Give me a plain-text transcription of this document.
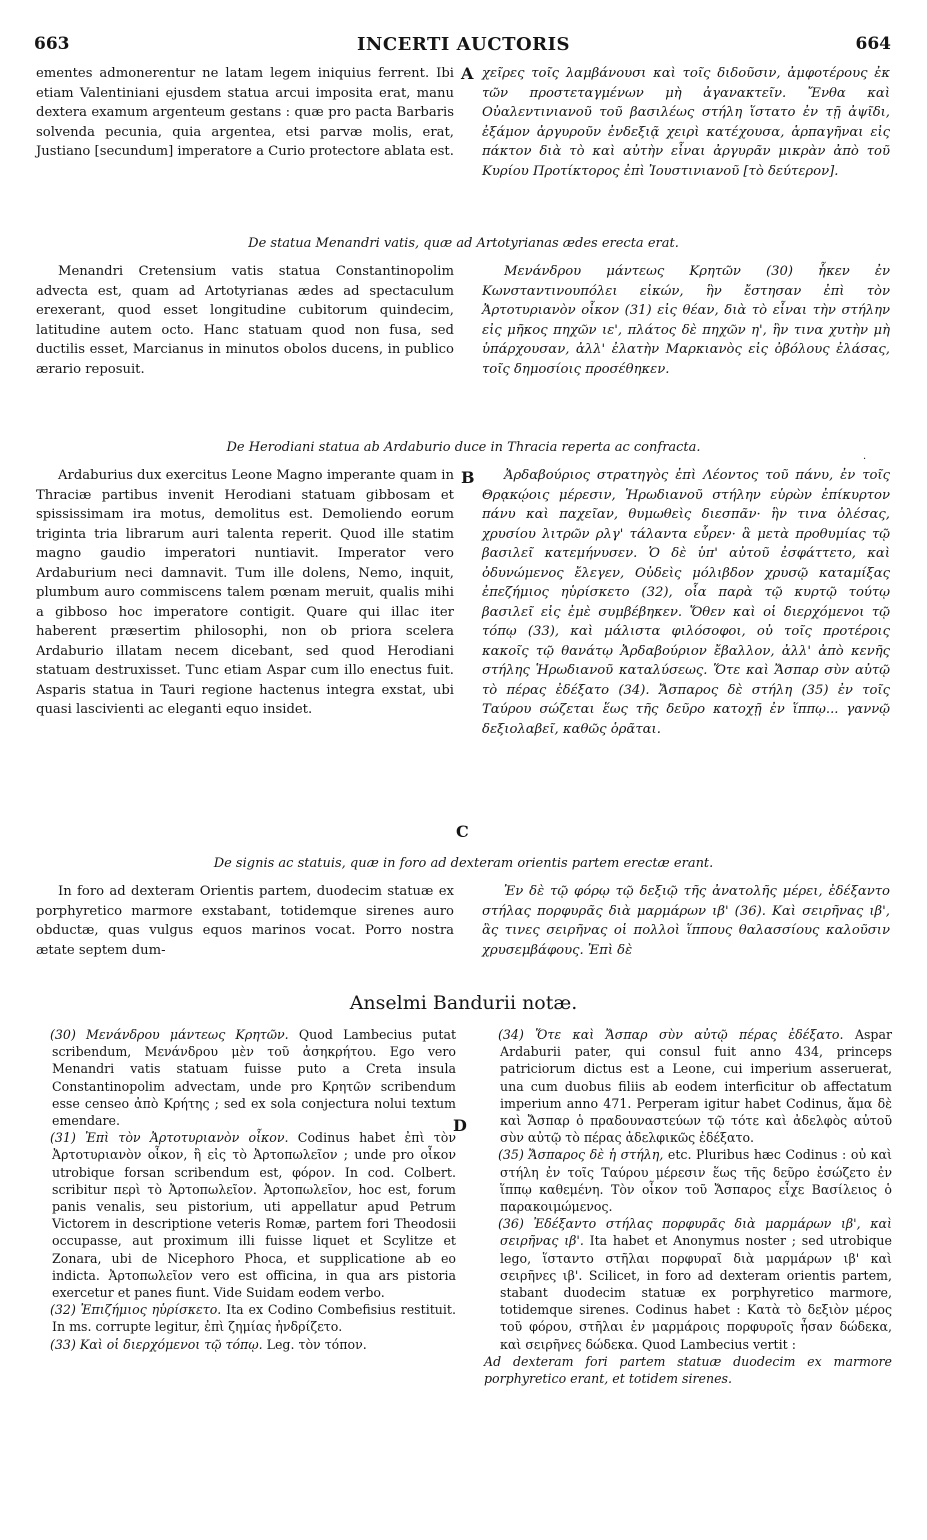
663	INCERTI AUCTORIS	664

ementes admonerentur ne latam legem iniquius ferrent. Ibi etiam Valentiniani ejusdem statua arcui imposita erat, manu dextera examum argenteum gestans : quæ pro pacta Barbaris solvenda pecunia, quia argentea, etsi parvæ molis, erat, Justiano [secundum] imperatore a Curio protectore ablata est.

A χεῖρες τοῖς λαμβάνουσι καὶ τοῖς διδοῦσιν, ἀμφοτέρους ἐκ τῶν προστεταγμένων μὴ ἀγανακτεῖν. Ἔνθα καὶ Οὐαλεντινιανοῦ τοῦ βασιλέως στήλη ἵστατο ἐν τῇ ἀψῖδι, ἐξάμον ἀργυροῦν ἐνδεξιᾷ χειρὶ κατέχουσα, ἁρπαγῆναι εἰς πάκτον διὰ τὸ καὶ αὐτὴν εἶναι ἀργυρᾶν μικρὰν ἀπὸ τοῦ Κυρίου Προτίκτορος ἐπὶ Ἰουστινιανοῦ [τὸ δεύτερον].

De statua Menandri vatis, quæ ad Artotyrianas ædes erecta erat.

Menandri Cretensium vatis statua Constantinopolim advecta est, quam ad Artotyrianas ædes ad spectaculum erexerant, quod esset longitudine cubitorum quindecim, latitudine autem octo. Hanc statuam quod non fusa, sed ductilis esset, Marcianus in minutos obolos ducens, in publico ærario reposuit.

Μενάνδρου μάντεως Κρητῶν (30) ἧκεν ἐν Κωνσταντινουπόλει εἰκών, ἣν ἔστησαν ἐπὶ τὸν Ἀρτοτυριανὸν οἶκον (31) εἰς θέαν, διὰ τὸ εἶναι τὴν στήλην εἰς μῆκος πηχῶν ιε', πλάτος δὲ πηχῶν η', ἣν τινα χυτὴν μὴ ὑπάρχουσαν, ἀλλ' ἐλατὴν Μαρκιανὸς εἰς ὀβόλους ἐλάσας, τοῖς δημοσίοις προσέθηκεν.

De Herodiani statua ab Ardaburio duce in Thracia reperta ac confracta.
·

Ardaburius dux exercitus Leone Magno imperante quam in Thraciæ partibus invenit Herodiani statuam gibbosam et spississimam ira motus, demolitus est. Demoliendo eorum triginta tria librarum auri talenta reperit. Quod ille statim magno gaudio imperatori nuntiavit. Imperator vero Ardaburium neci damnavit. Tum ille dolens, Nemo, inquit, plumbum auro commiscens talem pœnam meruit, qualis mihi a gibboso hoc imperatore contigit. Quare qui illac iter haberent præsertim philosophi, non ob priora scelera Ardaburio illatam necem dicebant, sed quod Herodiani statuam destruxisset. Tunc etiam Aspar cum illo enectus fuit. Asparis statua in Tauri regione hactenus integra exstat, ubi quasi lascivienti ac eleganti equo insidet.

B
C

Ἀρδαβούριος στρατηγὸς ἐπὶ Λέοντος τοῦ πάνυ, ἐν τοῖς Θρᾳκῴοις μέρεσιν, Ἡρωδιανοῦ στήλην εὑρὼν ἐπίκυρτον πάνυ καὶ παχεῖαν, θυμωθεὶς διεσπᾶν· ἣν τινα ὀλέσας, χρυσίου λιτρῶν ρλγ' τάλαντα εὗρεν· ἃ μετὰ προθυμίας τῷ βασιλεῖ κατεμήνυσεν. Ὁ δὲ ὑπ' αὐτοῦ ἐσφάττετο, καὶ ὀδυνώμενος ἔλεγεν, Οὐδεὶς μόλιβδον χρυσῷ καταμίξας ἐπεζήμιος ηὑρίσκετο (32), οἷα παρὰ τῷ κυρτῷ τούτῳ βασιλεῖ εἰς ἐμὲ συμβέβηκεν. Ὅθεν καὶ οἱ διερχόμενοι τῷ τόπῳ (33), καὶ μάλιστα φιλόσοφοι, οὐ τοῖς προτέροις κακοῖς τῷ θανάτῳ Ἀρδαβούριον ἔβαλλον, ἀλλ' ἀπὸ κενῆς στήλης Ἡρωδιανοῦ καταλύσεως. Ὅτε καὶ Ἄσπαρ σὺν αὐτῷ τὸ πέρας ἐδέξατο (34). Ἄσπαρος δὲ στήλη (35) ἐν τοῖς Ταύρου σώζεται ἕως τῆς δεῦρο κατοχῇ ἐν ἵππῳ... γαννῷ δεξιολαβεῖ, καθῶς ὁρᾶται.

De signis ac statuis, quæ in foro ad dexteram orientis partem erectæ erant.

In foro ad dexteram Orientis partem, duodecim statuæ ex porphyretico marmore exstabant, totidemque sirenes auro obductæ, quas vulgus equos marinos vocat. Porro nostra ætate septem dum-

Ἐν δὲ τῷ φόρῳ τῷ δεξιῷ τῆς ἀνατολῆς μέρει, ἐδέξαντο στήλας πορφυρᾶς διὰ μαρμάρων ιβ' (36). Καὶ σειρῆνας ιβ', ἃς τινες σειρῆνας οἱ πολλοὶ ἵππους θαλασσίους καλοῦσιν χρυσεμβάφους. Ἐπὶ δὲ

Anselmi Bandurii notæ.

(30) Μενάνδρου μάντεως Κρητῶν. Quod Lambecius putat scribendum, Μενάνδρου μὲν τοῦ ἀσηκρήτου. Ego vero Menandri vatis statuam fuisse puto a Creta insula Constantinopolim advectam, unde pro Κρητῶν scribendum esse censeo ἀπὸ Κρήτης ; sed ex sola conjectura nolui textum emendare.

(31) Ἐπὶ τὸν Ἀρτοτυριανὸν οἶκον. Codinus habet ἐπὶ τὸν Ἀρτοτυριανὸν οἶκον, ἢ εἰς τὸ Ἀρτοπωλεῖον ; unde pro οἶκον utrobique forsan scribendum est, φόρον. In cod. Colbert. scribitur περὶ τὸ Ἀρτοπωλεῖον. Ἀρτοπωλεῖον, hoc est, forum panis venalis, seu pistorium, uti appellatur apud Petrum Victorem in descriptione veteris Romæ, partem fori Theodosii occupasse, aut proximum illi fuisse liquet et Scylitze et Zonara, ubi de Nicephoro Phoca, et supplicatione ab eo indicta. Ἀρτοπωλεῖον vero est officina, in qua ars pistoria exercetur et panes fiunt. Vide Suidam eodem verbo.

(32) Ἐπιζήμιος ηὑρίσκετο. Ita ex Codino Combefisius restituit. In ms. corrupte legitur, ἐπὶ ζημίας ἠνδρίζετο.

(33) Καὶ οἱ διερχόμενοι τῷ τόπῳ. Leg. τὸν τόπον.

D

(34) Ὅτε καὶ Ἄσπαρ σὺν αὐτῷ πέρας ἐδέξατο. Aspar Ardaburii pater, qui consul fuit anno 434, princeps patriciorum dictus est a Leone, cui imperium asseruerat, una cum duobus filiis ab eodem interficitur ob affectatum imperium anno 471. Perperam igitur habet Codinus, ἅμα δὲ καὶ Ἄσπαρ ὁ πραδουναστεύων τῷ τότε καὶ ἀδελφὸς αὐτοῦ σὺν αὐτῷ τὸ πέρας ἀδελφικῶς ἐδέξατο.

(35) Ἄσπαρος δὲ ἡ στήλη, etc. Pluribus hæc Codinus : οὐ καὶ στήλη ἐν τοῖς Ταύρου μέρεσιν ἕως τῆς δεῦρο ἐσώζετο ἐν ἵππῳ καθεμένη. Τὸν οἶκον τοῦ Ἄσπαρος εἶχε Βασίλειος ὁ παρακοιμώμενος.

(36) Ἐδέξαντο στήλας πορφυρᾶς διὰ μαρμάρων ιβ', καὶ σειρῆνας ιβ'. Ita habet et Anonymus noster ; sed utrobique lego, ἵσταντο στῆλαι πορφυραῖ διὰ μαρμάρων ιβ' καὶ σειρῆνες ιβ'. Scilicet, in foro ad dexteram orientis partem, stabant duodecim statuæ ex porphyretico marmore, totidemque sirenes. Codinus habet : Κατὰ τὸ δεξιὸν μέρος τοῦ φόρου, στῆλαι ἐν μαρμάροις πορφυροῖς ἦσαν δώδεκα, καὶ σειρῆνες δώδεκα. Quod Lambecius vertit :

Ad dexteram fori partem statuæ duodecim ex marmore porphyretico erant, et totidem sirenes.
